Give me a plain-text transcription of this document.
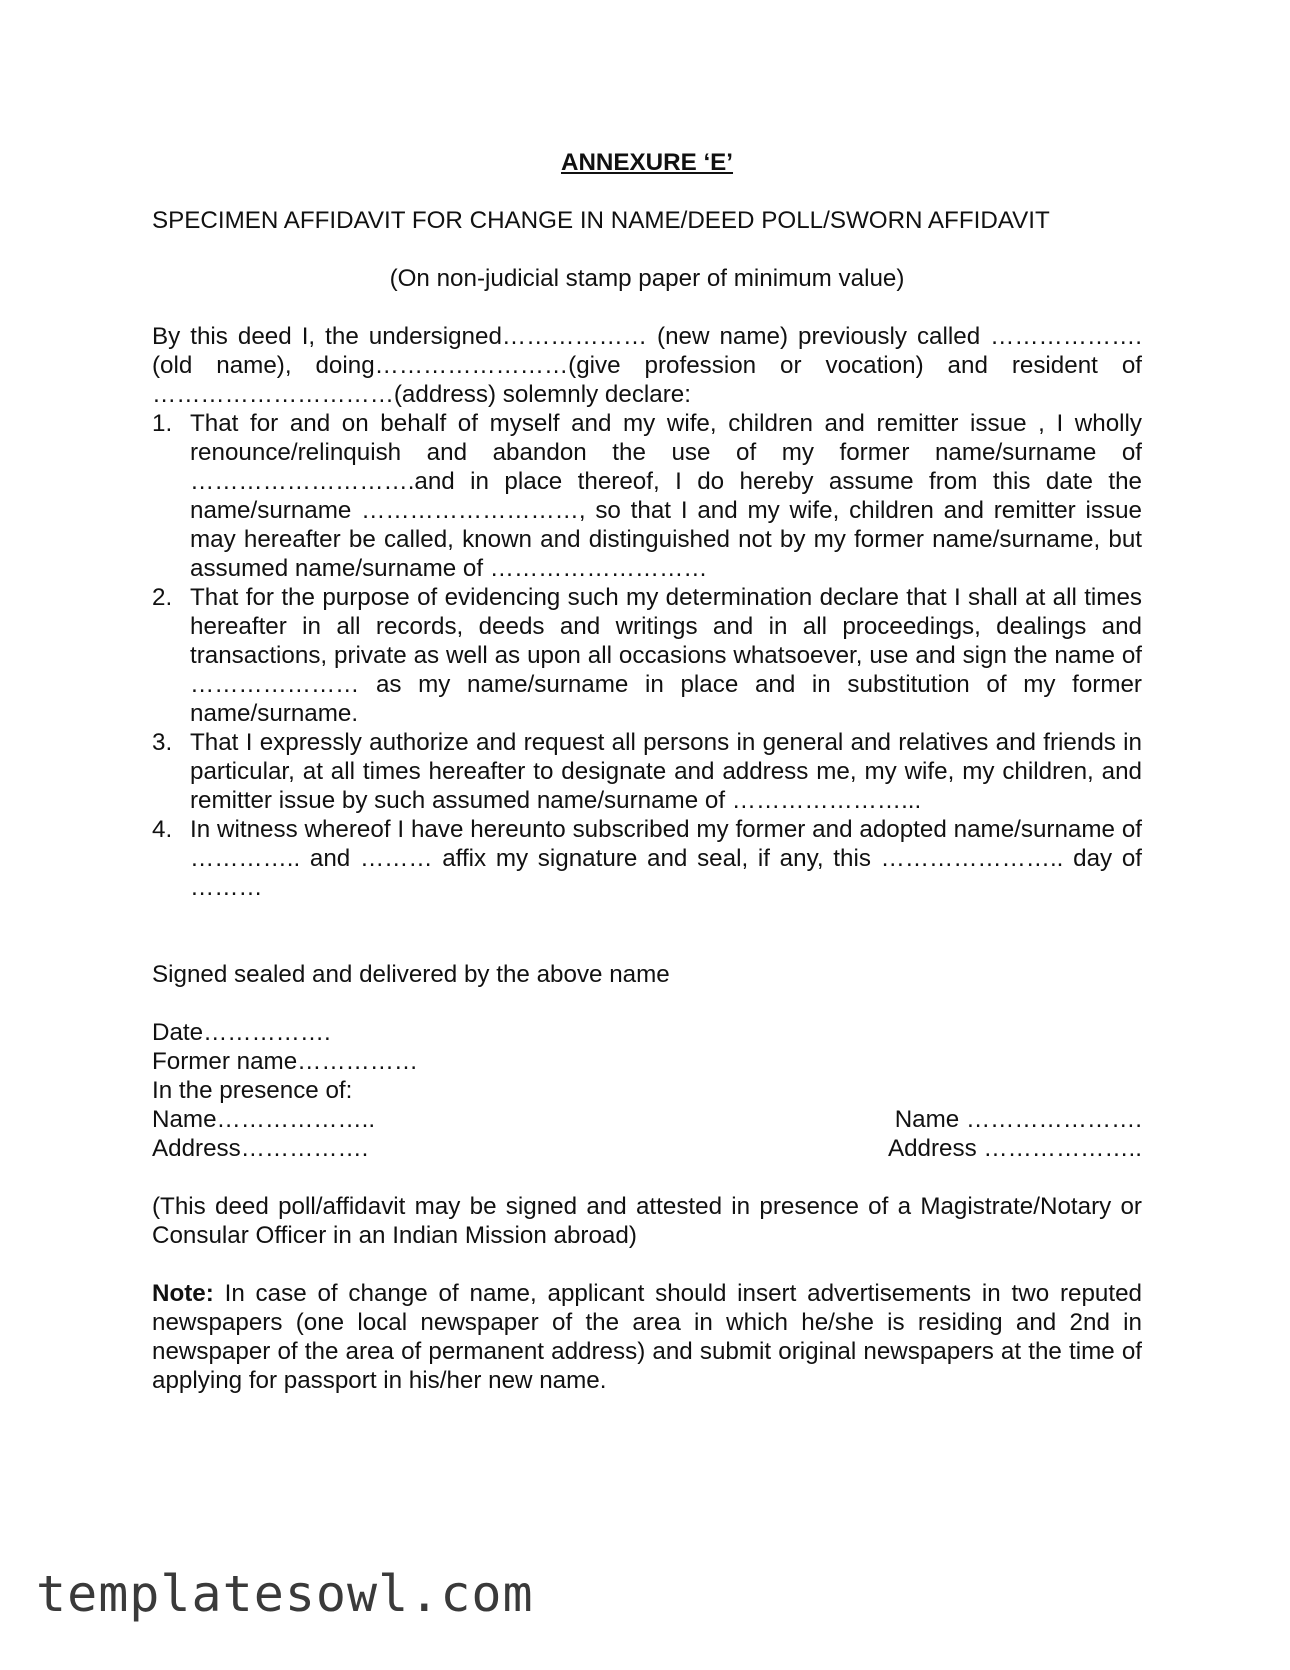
ANNEXURE ‘E’

SPECIMEN AFFIDAVIT FOR CHANGE IN NAME/DEED POLL/SWORN AFFIDAVIT

(On non-judicial stamp paper of minimum value)

By this deed I, the undersigned……………… (new name) previously called ………………. (old name), doing……………………(give profession or vocation) and resident of …………………………(address) solemnly declare:

1. That for and on behalf of myself and my wife, children and remitter issue , I wholly renounce/relinquish and abandon the use of my former name/surname of ……………………….and in place thereof, I do hereby assume from this date the name/surname ………………………, so that I and my wife, children and remitter issue may hereafter be called, known and distinguished not by my former name/surname, but assumed name/surname of ………………………
2. That for the purpose of evidencing such my determination declare that I shall at all times hereafter in all records, deeds and writings and in all proceedings, dealings and transactions, private as well as upon all occasions whatsoever, use and sign the name of ………………… as my name/surname in place and in substitution of my former name/surname.
3. That I expressly authorize and request all persons in general and relatives and friends in particular, at all times hereafter to designate and address me, my wife, my children, and remitter issue by such assumed name/surname of …………………...
4. In witness whereof I have hereunto subscribed my former and adopted name/surname of ………….. and ……… affix my signature and seal, if any, this ………………….. day of ………

Signed sealed and delivered by the above name

Date…………….

Former name……………

In the presence of:

Name………………..

Address…………….

Name ………………….

Address ………………..

(This deed poll/affidavit may be signed and attested in presence of a Magistrate/Notary or Consular Officer in an Indian Mission abroad)

Note: In case of change of name, applicant should insert advertisements in two reputed newspapers (one local newspaper of the area in which he/she is residing and 2nd in newspaper of the area of permanent address) and submit original newspapers at the time of applying for passport in his/her new name.

templatesowl.com
